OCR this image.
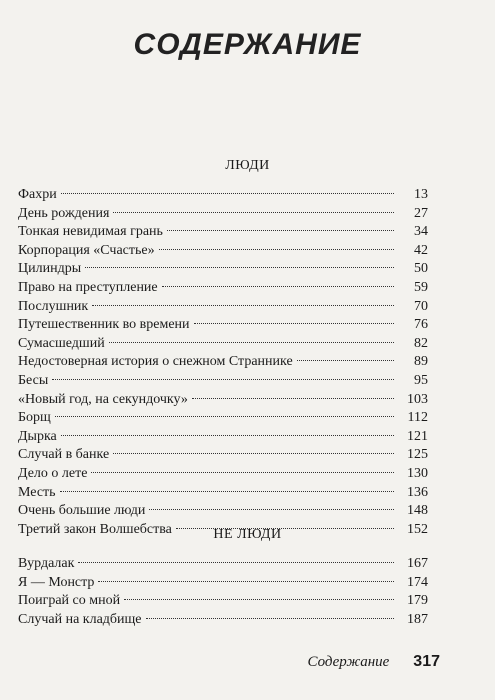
СОДЕРЖАНИЕ
ЛЮДИ
Фахри	13
День рождения	27
Тонкая невидимая грань	34
Корпорация «Счастье»	42
Цилиндры	50
Право на преступление	59
Послушник	70
Путешественник во времени	76
Сумасшедший	82
Недостоверная история о снежном Страннике	89
Бесы	95
«Новый год, на секундочку»	103
Борщ	112
Дырка	121
Случай в банке	125
Дело о лете	130
Месть	136
Очень большие люди	148
Третий закон Волшебства	152
НЕ ЛЮДИ
Вурдалак	167
Я — Монстр	174
Поиграй со мной	179
Случай на кладбище	187
Содержание 317
